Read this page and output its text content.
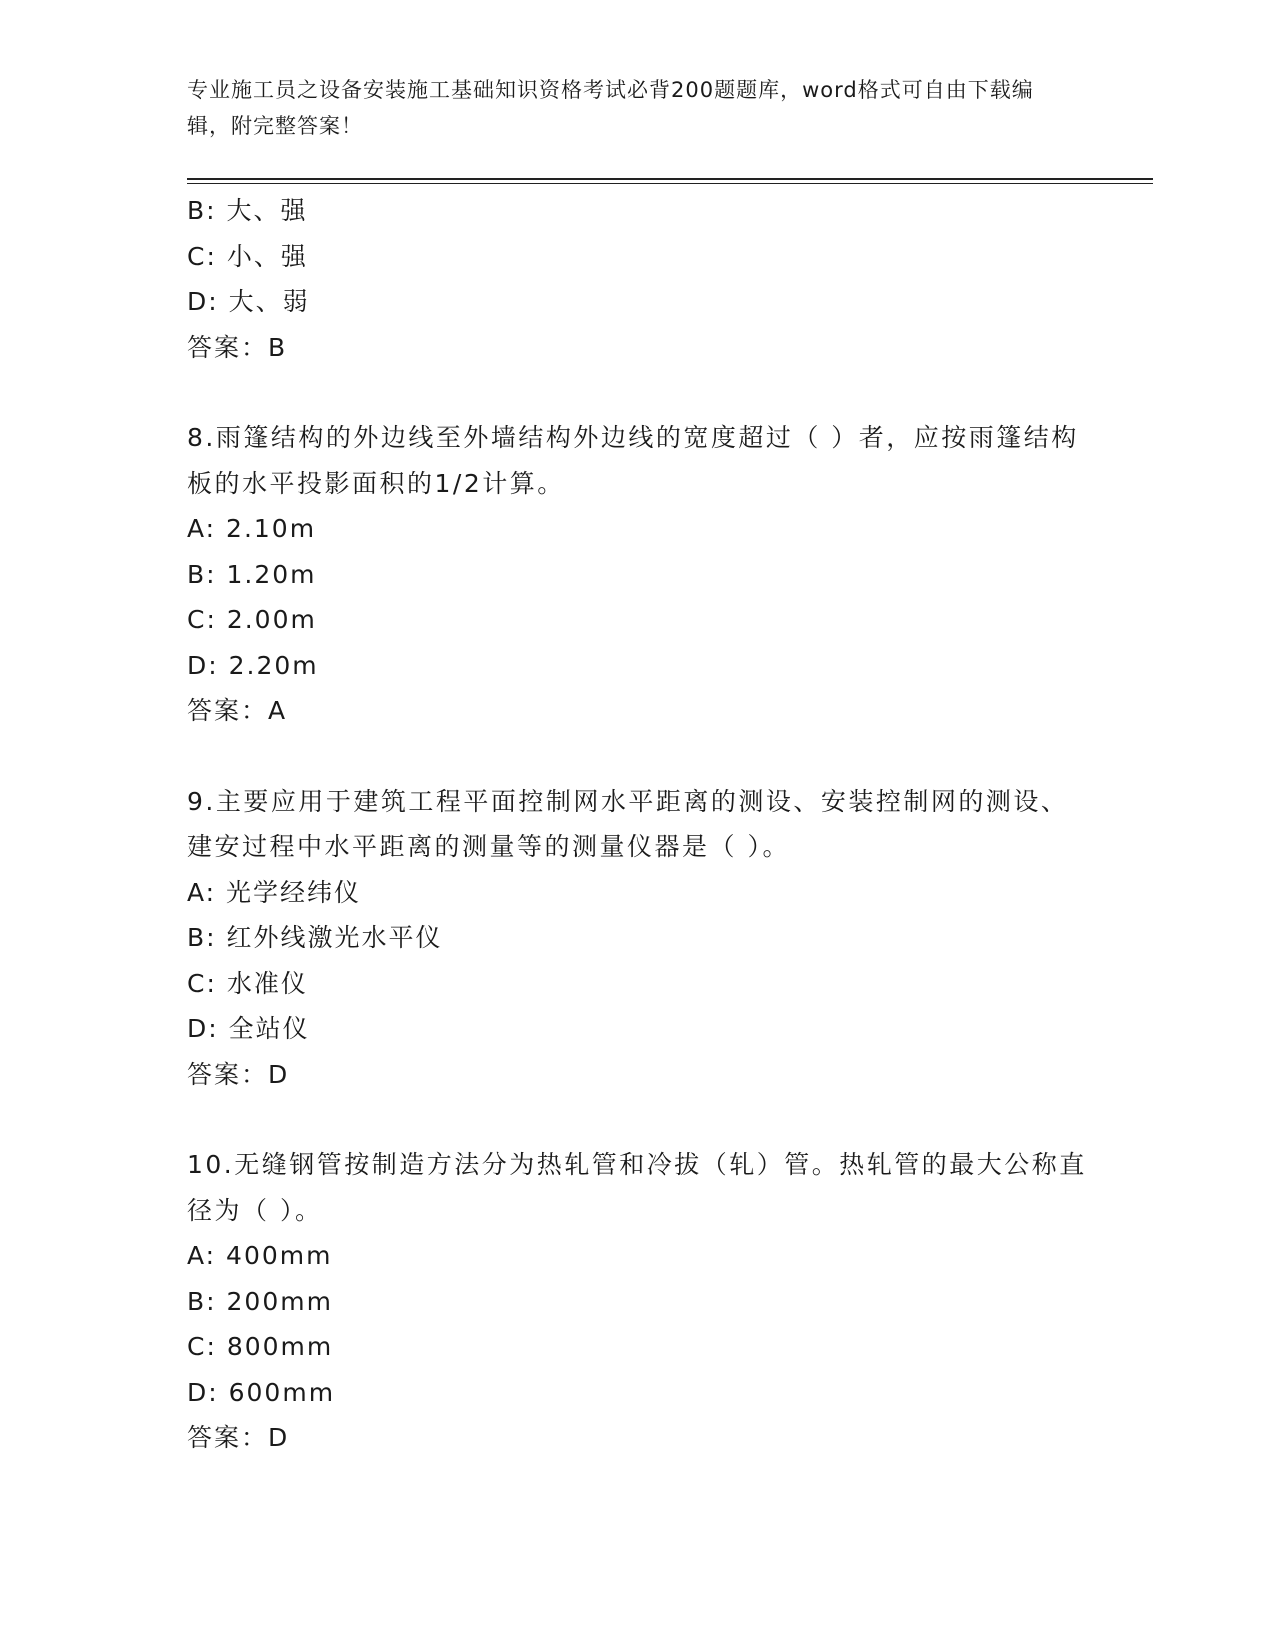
专业施工员之设备安装施工基础知识资格考试必背200题题库，word格式可自由下载编辑，附完整答案！
B: 大、强
C: 小、强
D: 大、弱
答案：B
8.雨篷结构的外边线至外墙结构外边线的宽度超过（ ）者，应按雨篷结构板的水平投影面积的1/2计算。
A: 2.10m
B: 1.20m
C: 2.00m
D: 2.20m
答案：A
9.主要应用于建筑工程平面控制网水平距离的测设、安装控制网的测设、建安过程中水平距离的测量等的测量仪器是（ ）。
A: 光学经纬仪
B: 红外线激光水平仪
C: 水准仪
D: 全站仪
答案：D
10.无缝钢管按制造方法分为热轧管和冷拔（轧）管。热轧管的最大公称直径为（ ）。
A: 400mm
B: 200mm
C: 800mm
D: 600mm
答案：D
